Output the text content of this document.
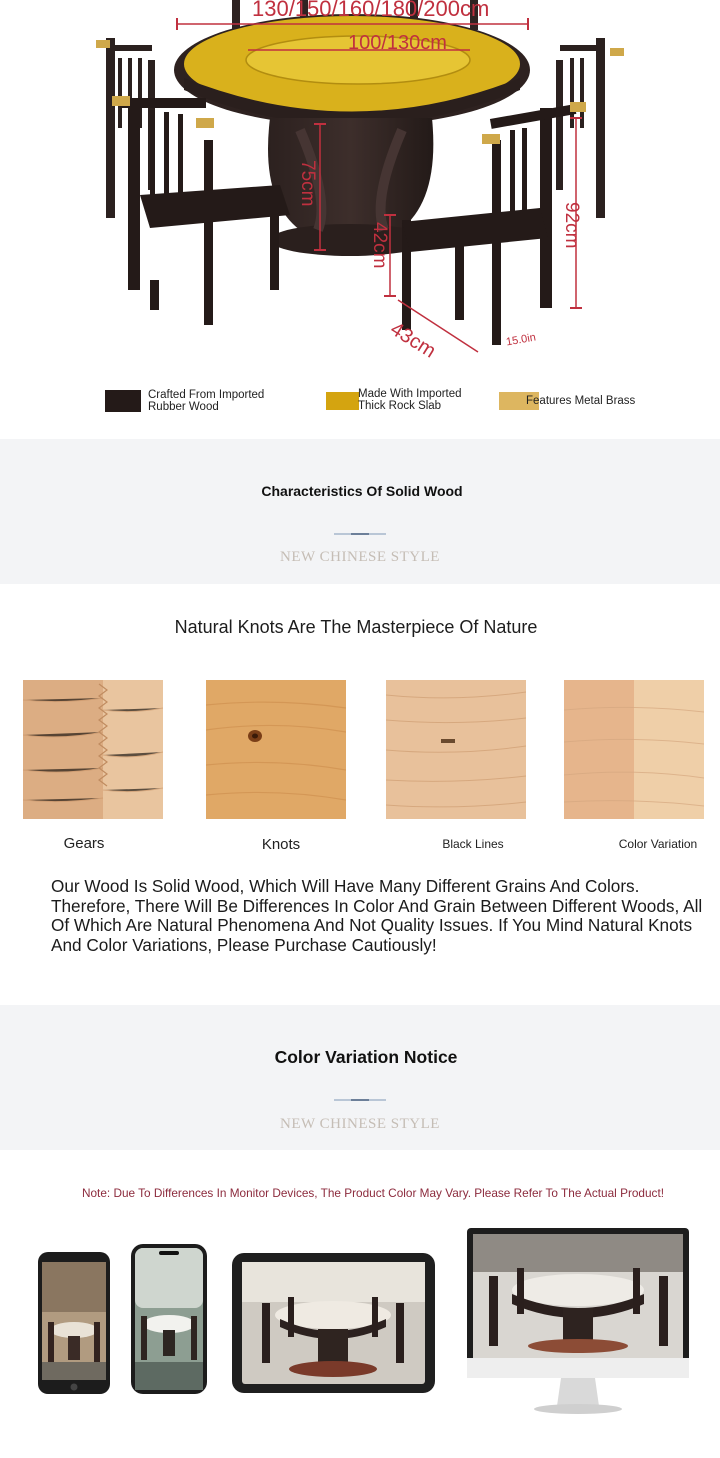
130/150/160/180/200cm
100/130cm
75cm
42cm	92cm
43cm	15.0in
Crafted From Imported Rubber Wood
Made With Imported Thick Rock Slab	Features Metal Brass
Characteristics Of Solid Wood
NEW CHINESE STYLE
Natural Knots Are The Masterpiece Of Nature
Gears	Knots	Black Lines	Color Variation
Our Wood Is Solid Wood, Which Will Have Many Different Grains And Colors. Therefore, There Will Be Differences In Color And Grain Between Different Woods, All Of Which Are Natural Phenomena And Not Quality Issues. If You Mind Natural Knots And Color Variations, Please Purchase Cautiously!
Color Variation Notice
NEW CHINESE STYLE
Note: Due To Differences In Monitor Devices, The Product Color May Vary. Please Refer To The Actual Product!
